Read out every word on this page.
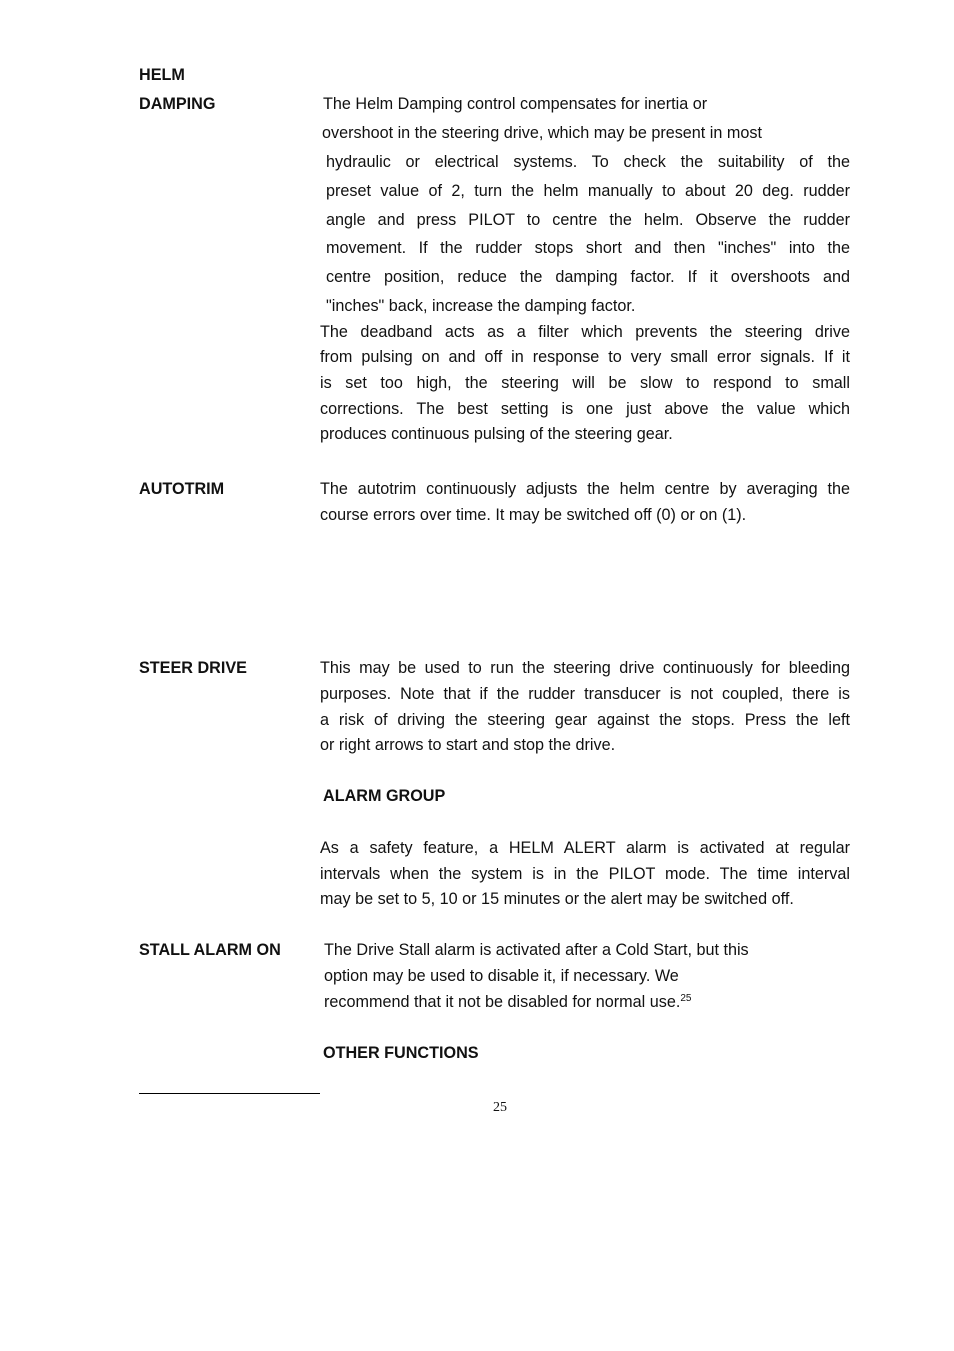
HELM
DAMPING	The Helm Damping control compensates for inertia or
overshoot in the steering drive, which may be present in most
hydraulic or electrical systems. To check the suitability of the
preset value of 2, turn the helm manually to about 20 deg. rudder
angle and press PILOT to centre the helm. Observe the rudder
movement. If the rudder stops short and then "inches" into the
centre position, reduce the damping factor. If it overshoots and
"inches" back, increase the damping factor.
The deadband acts as a filter which prevents the steering drive
from pulsing on and off in response to very small error signals. If it
is set too high, the steering will be slow to respond to small
corrections. The best setting is one just above the value which
produces continuous pulsing of the steering gear.
AUTOTRIM	The autotrim continuously adjusts the helm centre by averaging the
course errors over time. It may be switched off (0) or on (1).
STEER DRIVE	This may be used to run the steering drive continuously for bleeding
purposes. Note that if the rudder transducer is not coupled, there is
a risk of driving the steering gear against the stops. Press the left
or right arrows to start and stop the drive.
ALARM GROUP
As a safety feature, a HELM ALERT alarm is activated at regular
intervals when the system is in the PILOT mode. The time interval
may be set to 5, 10 or 15 minutes or the alert may be switched off.
STALL ALARM ON	The Drive Stall alarm is activated after a Cold Start, but this
option may be used to disable it, if necessary. We
recommend that it not be disabled for normal use.$^{25}$
OTHER FUNCTIONS
25
